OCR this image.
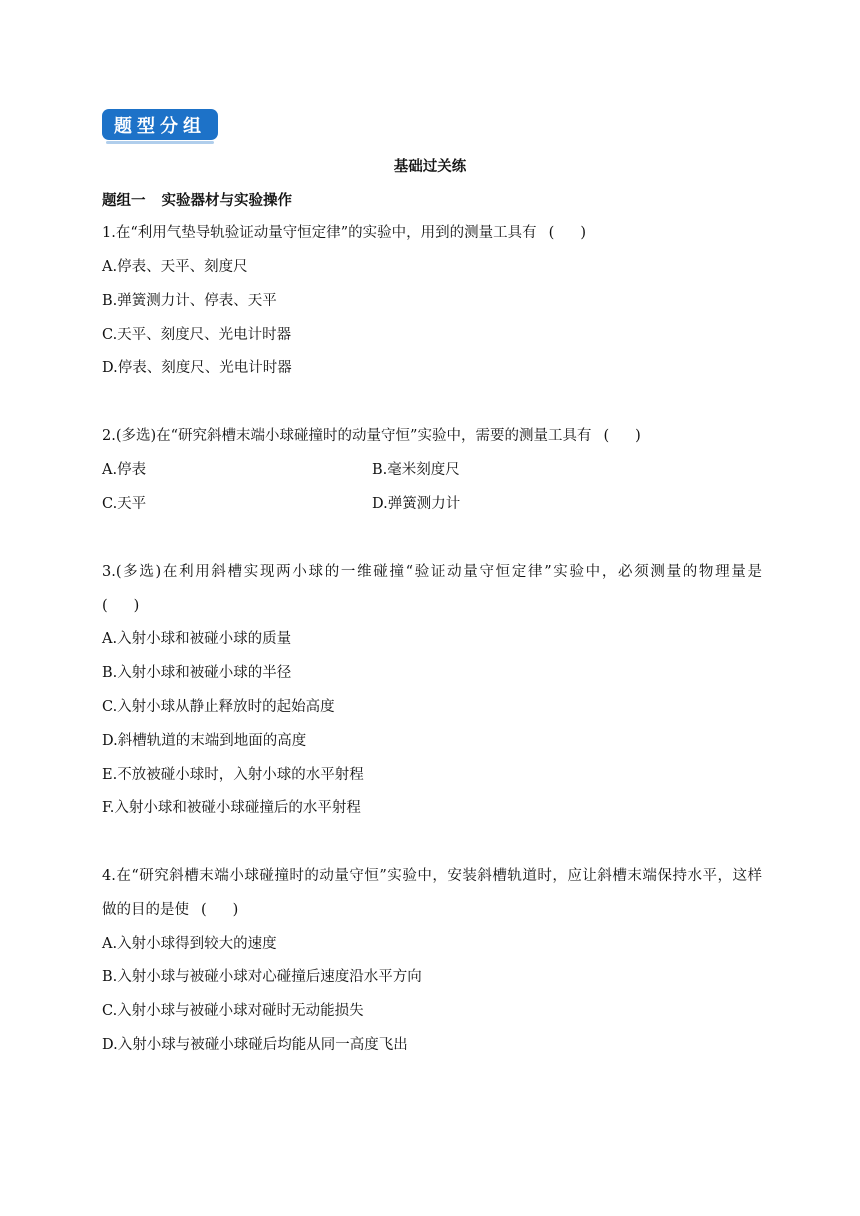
题型分组
基础过关练
题组一 实验器材与实验操作
1.在“利用气垫导轨验证动量守恒定律”的实验中，用到的测量工具有 ( )
A.停表、天平、刻度尺
B.弹簧测力计、停表、天平
C.天平、刻度尺、光电计时器
D.停表、刻度尺、光电计时器
2.(多选)在“研究斜槽末端小球碰撞时的动量守恒”实验中，需要的测量工具有 ( )
A.停表	B.毫米刻度尺
C.天平	D.弹簧测力计
3.(多选)在利用斜槽实现两小球的一维碰撞“验证动量守恒定律”实验中，必须测量的物理量是
( )
A.入射小球和被碰小球的质量
B.入射小球和被碰小球的半径
C.入射小球从静止释放时的起始高度
D.斜槽轨道的末端到地面的高度
E.不放被碰小球时，入射小球的水平射程
F.入射小球和被碰小球碰撞后的水平射程
4.在“研究斜槽末端小球碰撞时的动量守恒”实验中，安装斜槽轨道时，应让斜槽末端保持水平，这样
做的目的是使 ( )
A.入射小球得到较大的速度
B.入射小球与被碰小球对心碰撞后速度沿水平方向
C.入射小球与被碰小球对碰时无动能损失
D.入射小球与被碰小球碰后均能从同一高度飞出
